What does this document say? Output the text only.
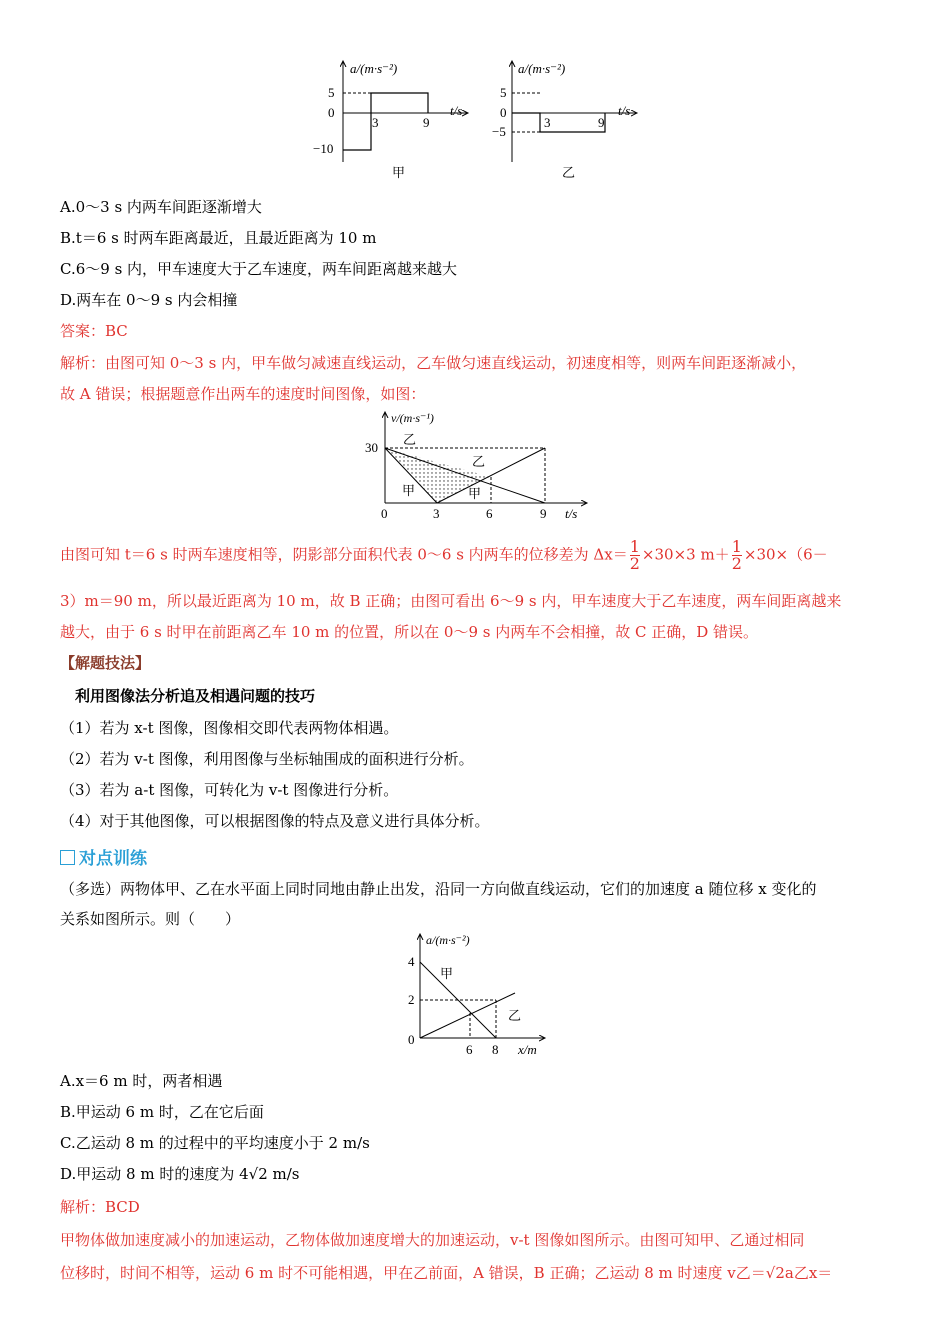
a/(m·s⁻²)
t/s
5
0
−10
3	9
甲
a/(m·s⁻²)
t/s
5
0
−5
3	9
乙
A.0～3 s 内两车间距逐渐增大
B.t＝6 s 时两车距离最近，且最近距离为 10 m
C.6～9 s 内，甲车速度大于乙车速度，两车间距离越来越大
D.两车在 0～9 s 内会相撞
答案：BC
解析：由图可知 0～3 s 内，甲车做匀减速直线运动，乙车做匀速直线运动，初速度相等，则两车间距逐渐减小，
故 A 错误；根据题意作出两车的速度时间图像，如图：
v/(m·s⁻¹)
30
t/s
0	3	6	9
乙
乙
甲	甲
由图可知 t＝6 s 时两车速度相等，阴影部分面积代表 0～6 s 内两车的位移差为 $\Delta x= \frac{1}{2} \times 30\times 3$ $m+ \frac{1}{2} \times 30\times(6-$
3）m＝90 m，所以最近距离为 10 m，故 B 正确；由图可看出 6～9 s 内，甲车速度大于乙车速度，两车间距离越来
越大，由于 6 s 时甲在前距离乙车 10 m 的位置，所以在 0～9 s 内两车不会相撞，故 C 正确，D 错误。
【解题技法】
利用图像法分析追及相遇问题的技巧
（1）若为 x-t 图像，图像相交即代表两物体相遇。
（2）若为 v-t 图像，利用图像与坐标轴围成的面积进行分析。
（3）若为 a-t 图像，可转化为 v-t 图像进行分析。
（4）对于其他图像，可以根据图像的特点及意义进行具体分析。
对点训练
（多选）两物体甲、乙在水平面上同时同地由静止出发，沿同一方向做直线运动，它们的加速度 a 随位移 x 变化的
关系如图所示。则（　　）
a/(m·s⁻²)
x/m
4
2
0
6 8
甲
乙
A.x＝6 m 时，两者相遇
B.甲运动 6 m 时，乙在它后面
C.乙运动 8 m 的过程中的平均速度小于 2 m/s
D.甲运动 8 m 时的速度为 4√2 m/s
解析：BCD
甲物体做加速度减小的加速运动，乙物体做加速度增大的加速运动，v-t 图像如图所示。由图可知甲、乙通过相同
位移时，时间不相等，运动 6 m 时不可能相遇，甲在乙前面，A 错误，B 正确；乙运动 8 m 时速度 v乙＝√2a乙x＝
